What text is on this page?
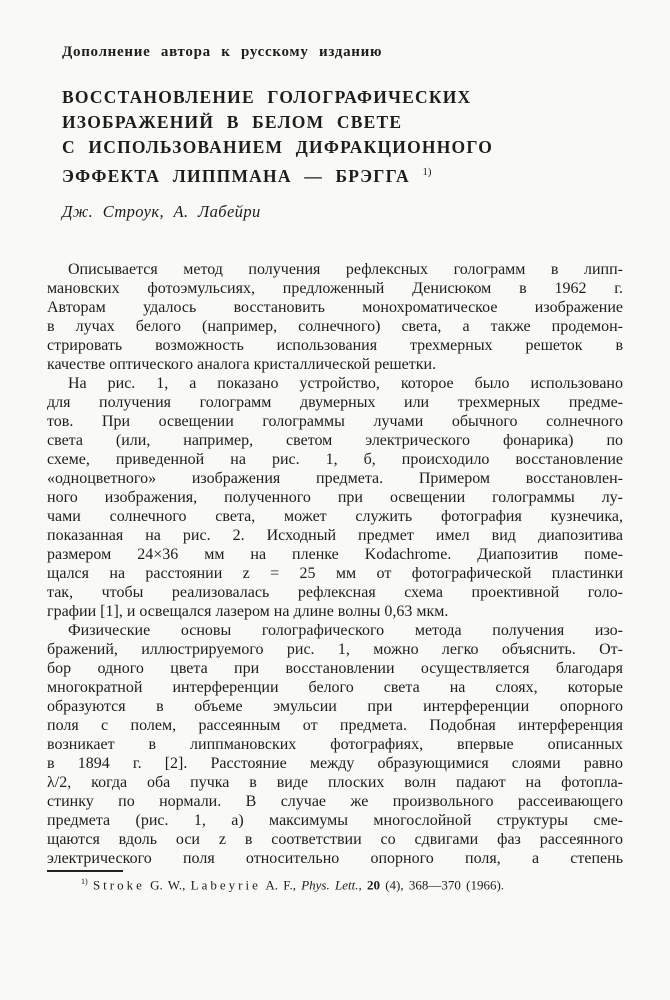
Дополнение автора к русскому изданию
ВОССТАНОВЛЕНИЕ ГОЛОГРАФИЧЕСКИХ
ИЗОБРАЖЕНИЙ В БЕЛОМ СВЕТЕ
С ИСПОЛЬЗОВАНИЕМ ДИФРАКЦИОННОГО
ЭФФЕКТА ЛИППМАНА — БРЭГГА $^{1)}$
Дж. Строук, А. Лабейри
Описывается метод получения рефлексных голограмм в липп-
мановских фотоэмульсиях, предложенный Денисюком в 1962 г.
Авторам удалось восстановить монохроматическое изображение
в лучах белого (например, солнечного) света, а также продемон-
стрировать возможность использования трехмерных решеток в
качестве оптического аналога кристаллической решетки.
На рис. 1, а показано устройство, которое было использовано
для получения голограмм двумерных или трехмерных предме-
тов. При освещении голограммы лучами обычного солнечного
света (или, например, светом электрического фонарика) по
схеме, приведенной на рис. 1, б, происходило восстановление
«одноцветного» изображения предмета. Примером восстановлен-
ного изображения, полученного при освещении голограммы лу-
чами солнечного света, может служить фотография кузнечика,
показанная на рис. 2. Исходный предмет имел вид диапозитива
размером 24×36 мм на пленке Kodachrome. Диапозитив поме-
щался на расстоянии z = 25 мм от фотографической пластинки
так, чтобы реализовалась рефлексная схема проективной голо-
графии [1], и освещался лазером на длине волны 0,63 мкм.
Физические основы голографического метода получения изо-
бражений, иллюстрируемого рис. 1, можно легко объяснить. От-
бор одного цвета при восстановлении осуществляется благодаря
многократной интерференции белого света на слоях, которые
образуются в объеме эмульсии при интерференции опорного
поля с полем, рассеянным от предмета. Подобная интерференция
возникает в липпмановских фотографиях, впервые описанных
в 1894 г. [2]. Расстояние между образующимися слоями равно
λ/2, когда оба пучка в виде плоских волн падают на фотопла-
стинку по нормали. В случае же произвольного рассеивающего
предмета (рис. 1, а) максимумы многослойной структуры сме-
щаются вдоль оси z в соответствии со сдвигами фаз рассеянного
электрического поля относительно опорного поля, а степень
$^{1)}$ Stroke G. W., Labeyrie A. F., Phys. Lett., 20 (4), 368—370 (1966).
